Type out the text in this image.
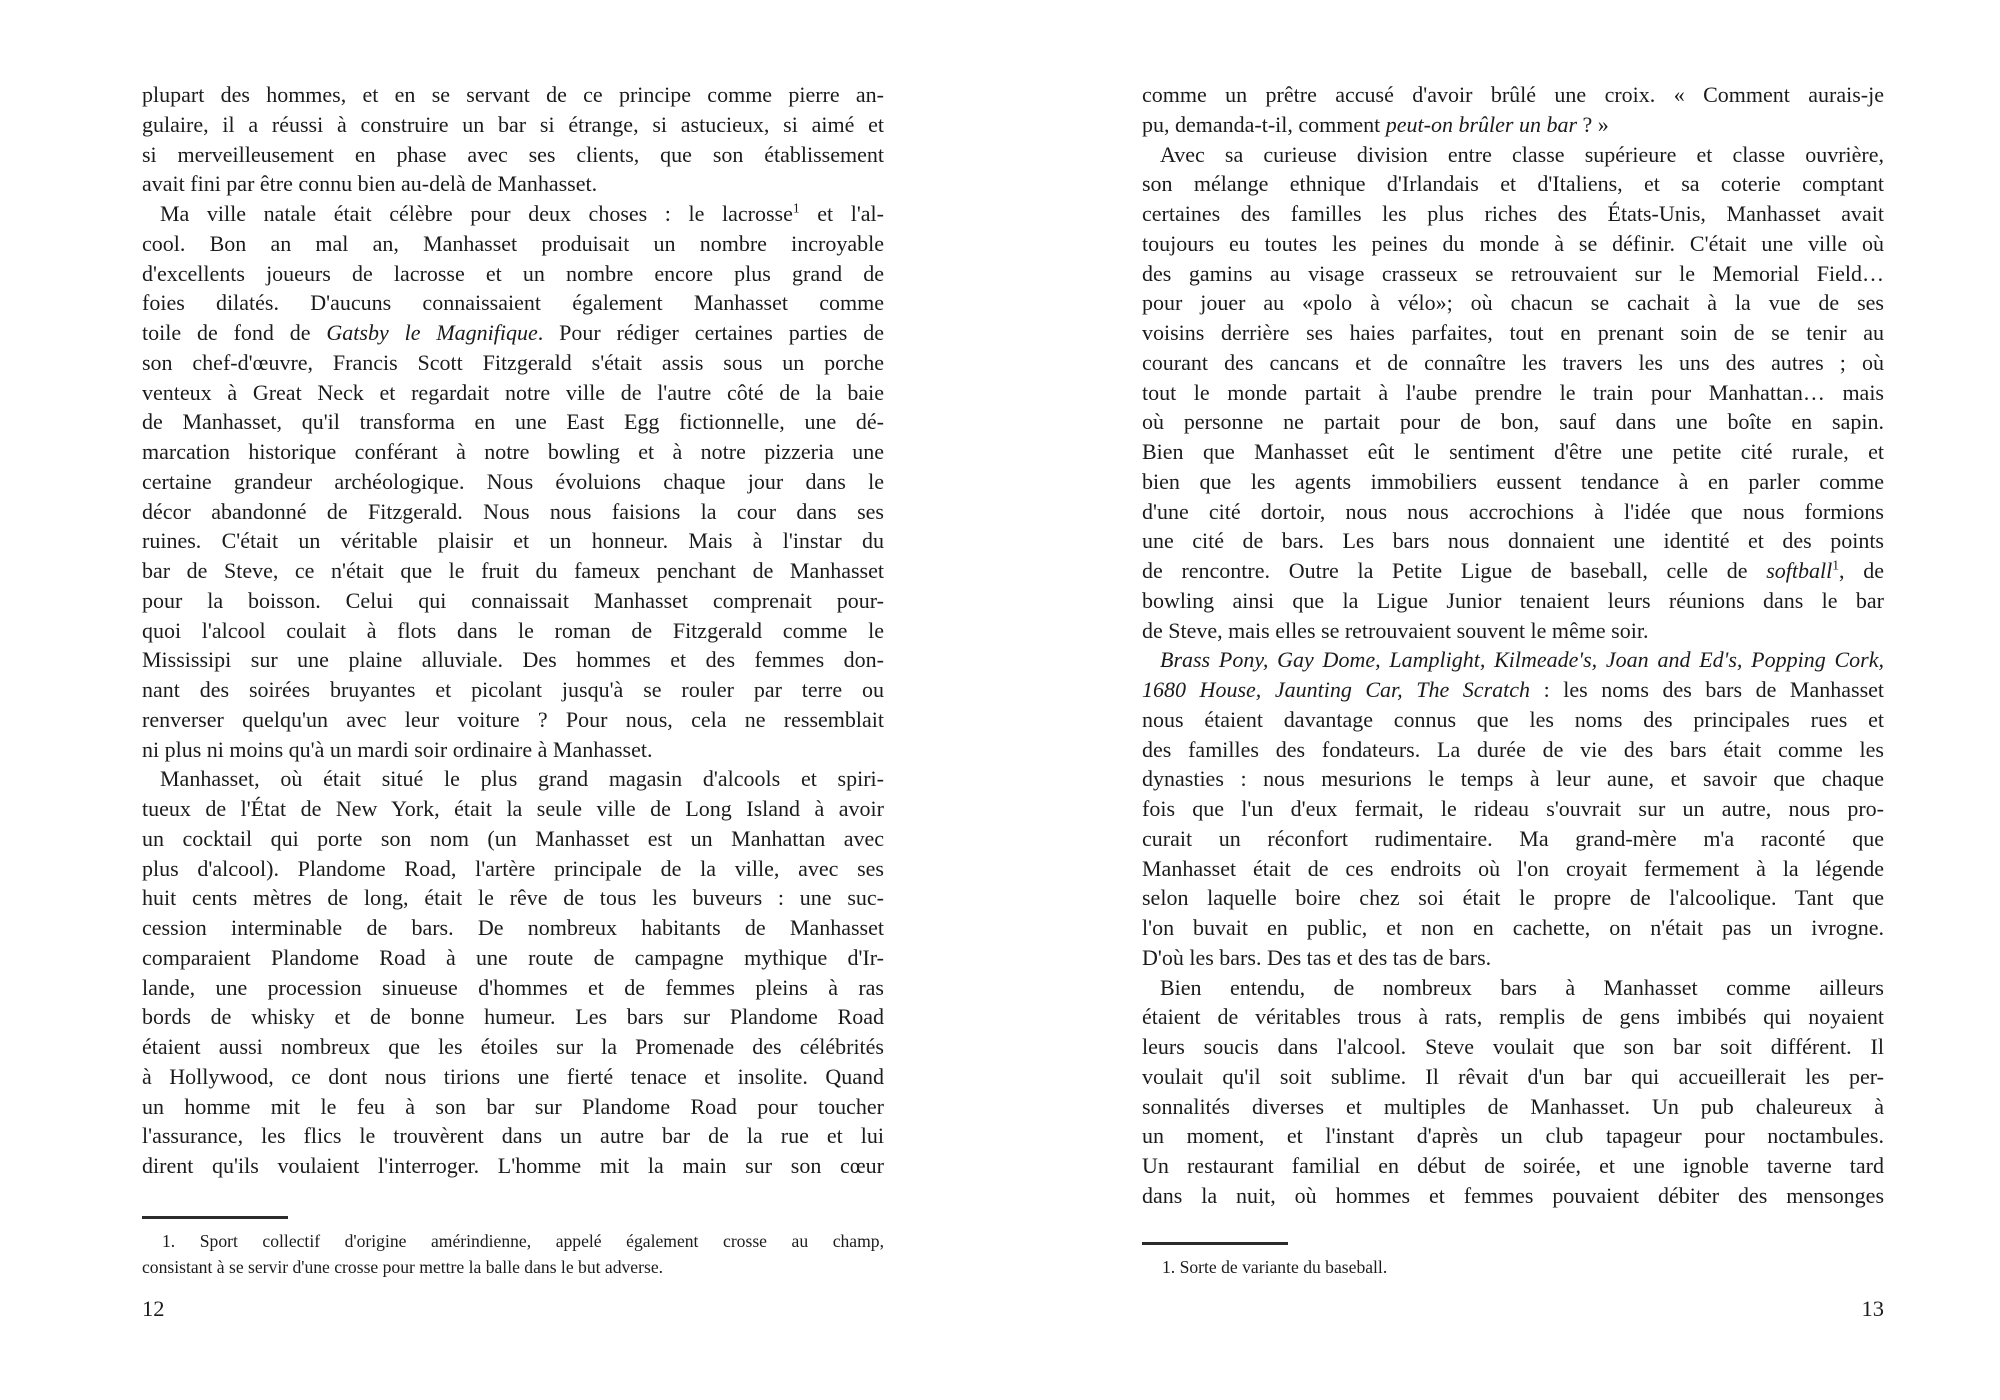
plupart des hommes, et en se servant de ce principe comme pierre an-
gulaire, il a réussi à construire un bar si étrange, si astucieux, si aimé et
si merveilleusement en phase avec ses clients, que son établissement
avait fini par être connu bien au-delà de Manhasset.
Ma ville natale était célèbre pour deux choses : le lacrosse$^1$ et l'al-
cool. Bon an mal an, Manhasset produisait un nombre incroyable
d'excellents joueurs de lacrosse et un nombre encore plus grand de
foies dilatés. D'aucuns connaissaient également Manhasset comme
toile de fond de Gatsby le Magnifique. Pour rédiger certaines parties de
son chef-d'œuvre, Francis Scott Fitzgerald s'était assis sous un porche
venteux à Great Neck et regardait notre ville de l'autre côté de la baie
de Manhasset, qu'il transforma en une East Egg fictionnelle, une dé-
marcation historique conférant à notre bowling et à notre pizzeria une
certaine grandeur archéologique. Nous évoluions chaque jour dans le
décor abandonné de Fitzgerald. Nous nous faisions la cour dans ses
ruines. C'était un véritable plaisir et un honneur. Mais à l'instar du
bar de Steve, ce n'était que le fruit du fameux penchant de Manhasset
pour la boisson. Celui qui connaissait Manhasset comprenait pour-
quoi l'alcool coulait à flots dans le roman de Fitzgerald comme le
Mississipi sur une plaine alluviale. Des hommes et des femmes don-
nant des soirées bruyantes et picolant jusqu'à se rouler par terre ou
renverser quelqu'un avec leur voiture ? Pour nous, cela ne ressemblait
ni plus ni moins qu'à un mardi soir ordinaire à Manhasset.
Manhasset, où était situé le plus grand magasin d'alcools et spiri-
tueux de l'État de New York, était la seule ville de Long Island à avoir
un cocktail qui porte son nom (un Manhasset est un Manhattan avec
plus d'alcool). Plandome Road, l'artère principale de la ville, avec ses
huit cents mètres de long, était le rêve de tous les buveurs : une suc-
cession interminable de bars. De nombreux habitants de Manhasset
comparaient Plandome Road à une route de campagne mythique d'Ir-
lande, une procession sinueuse d'hommes et de femmes pleins à ras
bords de whisky et de bonne humeur. Les bars sur Plandome Road
étaient aussi nombreux que les étoiles sur la Promenade des célébrités
à Hollywood, ce dont nous tirions une fierté tenace et insolite. Quand
un homme mit le feu à son bar sur Plandome Road pour toucher
l'assurance, les flics le trouvèrent dans un autre bar de la rue et lui
dirent qu'ils voulaient l'interroger. L'homme mit la main sur son cœur
1. Sport collectif d'origine amérindienne, appelé également crosse au champ,
consistant à se servir d'une crosse pour mettre la balle dans le but adverse.
12
comme un prêtre accusé d'avoir brûlé une croix. « Comment aurais-je
pu, demanda-t-il, comment peut-on brûler un bar ? »
Avec sa curieuse division entre classe supérieure et classe ouvrière,
son mélange ethnique d'Irlandais et d'Italiens, et sa coterie comptant
certaines des familles les plus riches des États-Unis, Manhasset avait
toujours eu toutes les peines du monde à se définir. C'était une ville où
des gamins au visage crasseux se retrouvaient sur le Memorial Field…
pour jouer au «polo à vélo»; où chacun se cachait à la vue de ses
voisins derrière ses haies parfaites, tout en prenant soin de se tenir au
courant des cancans et de connaître les travers les uns des autres ; où
tout le monde partait à l'aube prendre le train pour Manhattan… mais
où personne ne partait pour de bon, sauf dans une boîte en sapin.
Bien que Manhasset eût le sentiment d'être une petite cité rurale, et
bien que les agents immobiliers eussent tendance à en parler comme
d'une cité dortoir, nous nous accrochions à l'idée que nous formions
une cité de bars. Les bars nous donnaient une identité et des points
de rencontre. Outre la Petite Ligue de baseball, celle de softball$^1$, de
bowling ainsi que la Ligue Junior tenaient leurs réunions dans le bar
de Steve, mais elles se retrouvaient souvent le même soir.
Brass Pony, Gay Dome, Lamplight, Kilmeade's, Joan and Ed's, Popping Cork,
1680 House, Jaunting Car, The Scratch : les noms des bars de Manhasset
nous étaient davantage connus que les noms des principales rues et
des familles des fondateurs. La durée de vie des bars était comme les
dynasties : nous mesurions le temps à leur aune, et savoir que chaque
fois que l'un d'eux fermait, le rideau s'ouvrait sur un autre, nous pro-
curait un réconfort rudimentaire. Ma grand-mère m'a raconté que
Manhasset était de ces endroits où l'on croyait fermement à la légende
selon laquelle boire chez soi était le propre de l'alcoolique. Tant que
l'on buvait en public, et non en cachette, on n'était pas un ivrogne.
D'où les bars. Des tas et des tas de bars.
Bien entendu, de nombreux bars à Manhasset comme ailleurs
étaient de véritables trous à rats, remplis de gens imbibés qui noyaient
leurs soucis dans l'alcool. Steve voulait que son bar soit différent. Il
voulait qu'il soit sublime. Il rêvait d'un bar qui accueillerait les per-
sonnalités diverses et multiples de Manhasset. Un pub chaleureux à
un moment, et l'instant d'après un club tapageur pour noctambules.
Un restaurant familial en début de soirée, et une ignoble taverne tard
dans la nuit, où hommes et femmes pouvaient débiter des mensonges
1. Sorte de variante du baseball.
13
